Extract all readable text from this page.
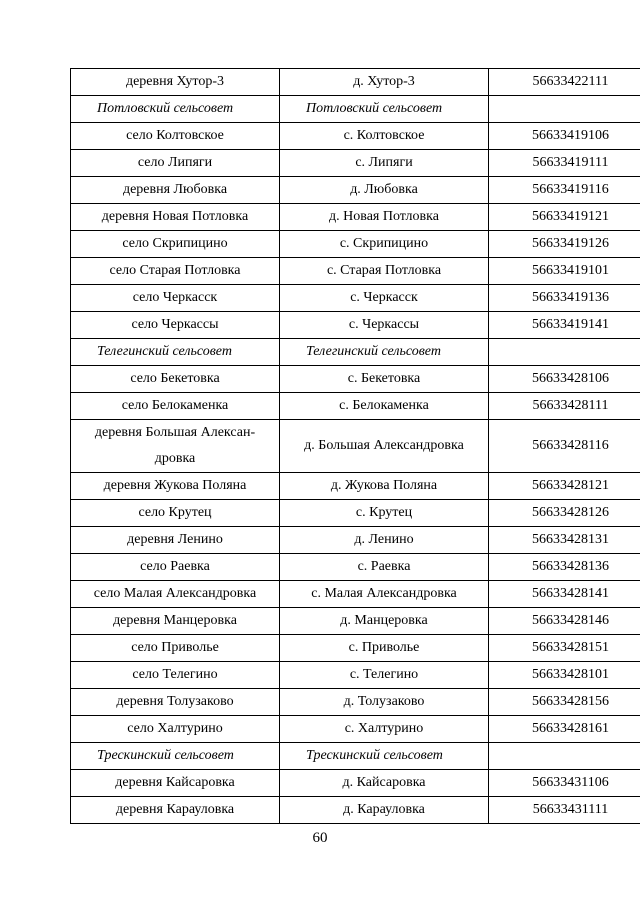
деревня Хутор-3	д. Хутор-3	56633422111
Потловский сельсовет	Потловский сельсовет	
село Колтовское	с. Колтовское	56633419106
село Липяги	с. Липяги	56633419111
деревня Любовка	д. Любовка	56633419116
деревня Новая Потловка	д. Новая Потловка	56633419121
село Скрипицино	с. Скрипицино	56633419126
село Старая Потловка	с. Старая Потловка	56633419101
село Черкасск	с. Черкасск	56633419136
село Черкассы	с. Черкассы	56633419141
Телегинский сельсовет	Телегинский сельсовет	
село Бекетовка	с. Бекетовка	56633428106
село Белокаменка	с. Белокаменка	56633428111
деревня Большая Алексан-дровка	д. Большая Александровка	56633428116
деревня Жукова Поляна	д. Жукова Поляна	56633428121
село Крутец	с. Крутец	56633428126
деревня Ленино	д. Ленино	56633428131
село Раевка	с. Раевка	56633428136
село Малая Александровка	с. Малая Александровка	56633428141
деревня Манцеровка	д. Манцеровка	56633428146
село Приволье	с. Приволье	56633428151
село Телегино	с. Телегино	56633428101
деревня Толузаково	д. Толузаково	56633428156
село Халтурино	с. Халтурино	56633428161
Трескинский сельсовет	Трескинский сельсовет	
деревня Кайсаровка	д. Кайсаровка	56633431106
деревня Карауловка	д. Карауловка	56633431111
60
